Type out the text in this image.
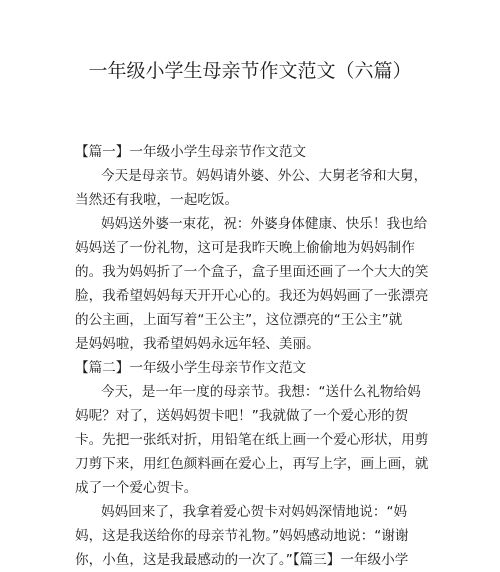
一年级小学生母亲节作文范文（六篇）
【篇一】一年级小学生母亲节作文范文
今天是母亲节。妈妈请外婆、外公、大舅老爷和大舅，
当然还有我啦，一起吃饭。
妈妈送外婆一束花，祝：外婆身体健康、快乐！我也给
妈妈送了一份礼物，这可是我昨天晚上偷偷地为妈妈制作
的。我为妈妈折了一个盒子，盒子里面还画了一个大大的笑
脸，我希望妈妈每天开开心心的。我还为妈妈画了一张漂亮
的公主画，上面写着“王公主”，这位漂亮的“王公主”就
是妈妈啦，我希望妈妈永远年轻、美丽。
【篇二】一年级小学生母亲节作文范文
今天，是一年一度的母亲节。我想：“送什么礼物给妈
妈呢？对了，送妈妈贺卡吧！”我就做了一个爱心形的贺
卡。先把一张纸对折，用铅笔在纸上画一个爱心形状，用剪
刀剪下来，用红色颜料画在爱心上，再写上字，画上画，就
成了一个爱心贺卡。
妈妈回来了，我拿着爱心贺卡对妈妈深情地说：“妈
妈，这是我送给你的母亲节礼物。”妈妈感动地说：“谢谢
你，小鱼，这是我最感动的一次了。”【篇三】一年级小学
